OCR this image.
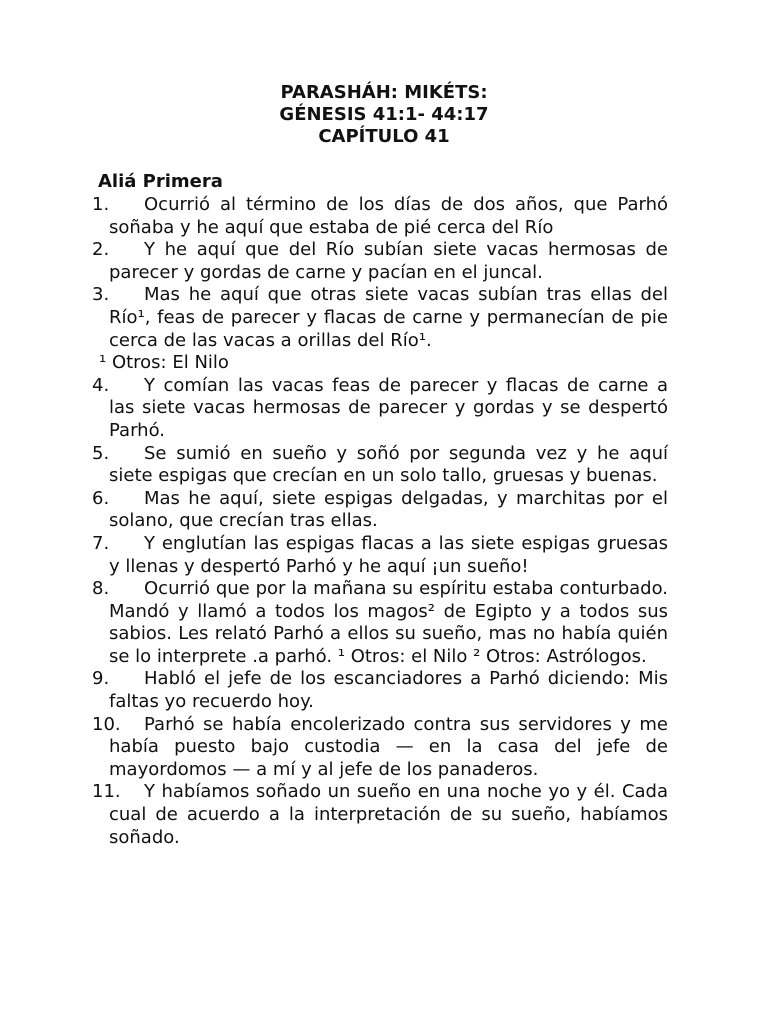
PARASHÁH: MIKÉTS:
GÉNESIS 41:1- 44:17
CAPÍTULO 41
Aliá Primera
1.	Ocurrió al término de los días de dos años, que Parhó soñaba y he aquí que estaba de pié cerca del Río
2.	Y he aquí que del Río subían siete vacas hermosas de parecer y gordas de carne y pacían en el juncal.
3.	Mas he aquí que otras siete vacas subían tras ellas del Río¹, feas de parecer y flacas de carne y permanecían de pie cerca de las vacas a orillas del Río¹.
¹ Otros: El Nilo
4.	Y comían las vacas feas de parecer y flacas de carne a las siete vacas hermosas de parecer y gordas y se despertó Parhó.
5.	Se sumió en sueño y soñó por segunda vez y he aquí siete espigas que crecían en un solo tallo, gruesas y buenas.
6.	Mas he aquí, siete espigas delgadas, y marchitas por el solano, que crecían tras ellas.
7.	Y englutían las espigas flacas a las siete espigas gruesas y llenas y despertó Parhó y he aquí ¡un sueño!
8.	Ocurrió que por la mañana su espíritu estaba conturbado. Mandó y llamó a todos los magos² de Egipto y a todos sus sabios. Les relató Parhó a ellos su sueño, mas no había quién se lo interprete .a parhó. ¹ Otros: el Nilo ² Otros: Astrólogos.
9.	Habló el jefe de los escanciadores a Parhó diciendo: Mis faltas yo recuerdo hoy.
10.	Parhó se había encolerizado contra sus servidores y me había puesto bajo custodia — en la casa del jefe de mayordomos — a mí y al jefe de los panaderos.
11.	Y habíamos soñado un sueño en una noche yo y él. Cada cual de acuerdo a la interpretación de su sueño, habíamos soñado.
